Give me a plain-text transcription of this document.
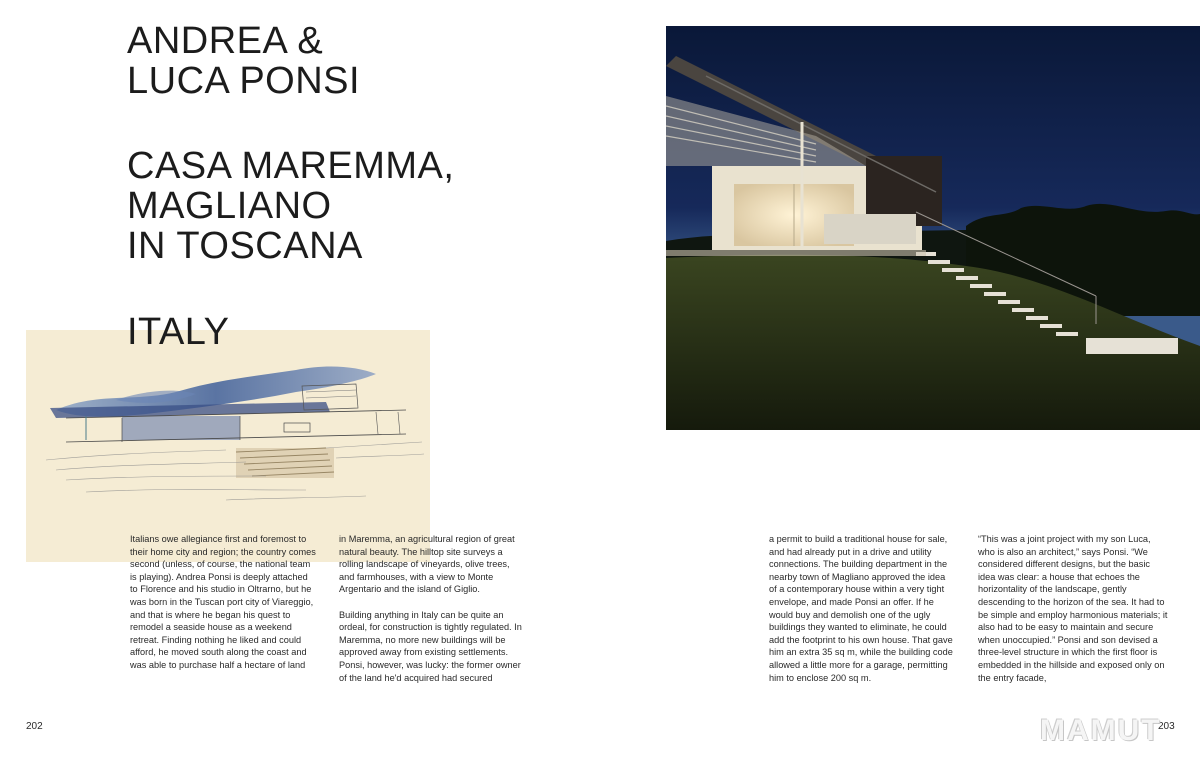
ANDREA &
LUCA PONSI
CASA MAREMMA,
MAGLIANO
IN TOSCANA
ITALY

Italians owe allegiance first and foremost to their home city and region; the country comes second (unless, of course, the national team is playing). Andrea Ponsi is deeply attached to Florence and his studio in Oltrarno, but he was born in the Tuscan port city of Viareggio, and that is where he began his quest to remodel a seaside house as a weekend retreat. Finding nothing he liked and could afford, he moved south along the coast and was able to purchase half a hectare of land

in Maremma, an agricultural region of great natural beauty. The hilltop site surveys a rolling landscape of vineyards, olive trees, and farmhouses, with a view to Monte Argentario and the island of Giglio.

Building anything in Italy can be quite an ordeal, for construction is tightly regulated. In Maremma, no more new buildings will be approved away from existing settlements. Ponsi, however, was lucky: the former owner of the land he'd acquired had secured

a permit to build a traditional house for sale, and had already put in a drive and utility connections. The building department in the nearby town of Magliano approved the idea of a contemporary house within a very tight envelope, and made Ponsi an offer. If he would buy and demolish one of the ugly buildings they wanted to eliminate, he could add the footprint to his own house. That gave him an extra 35 sq m, while the building code allowed a little more for a garage, permitting him to enclose 200 sq m.

“This was a joint project with my son Luca, who is also an architect,” says Ponsi. “We considered different designs, but the basic idea was clear: a house that echoes the horizontality of the landscape, gently descending to the horizon of the sea. It had to be simple and employ harmonious materials; it also had to be easy to maintain and secure when unoccupied.” Ponsi and son devised a three-level structure in which the first floor is embedded in the hillside and exposed only on the entry facade,

202	203
MAMUT
